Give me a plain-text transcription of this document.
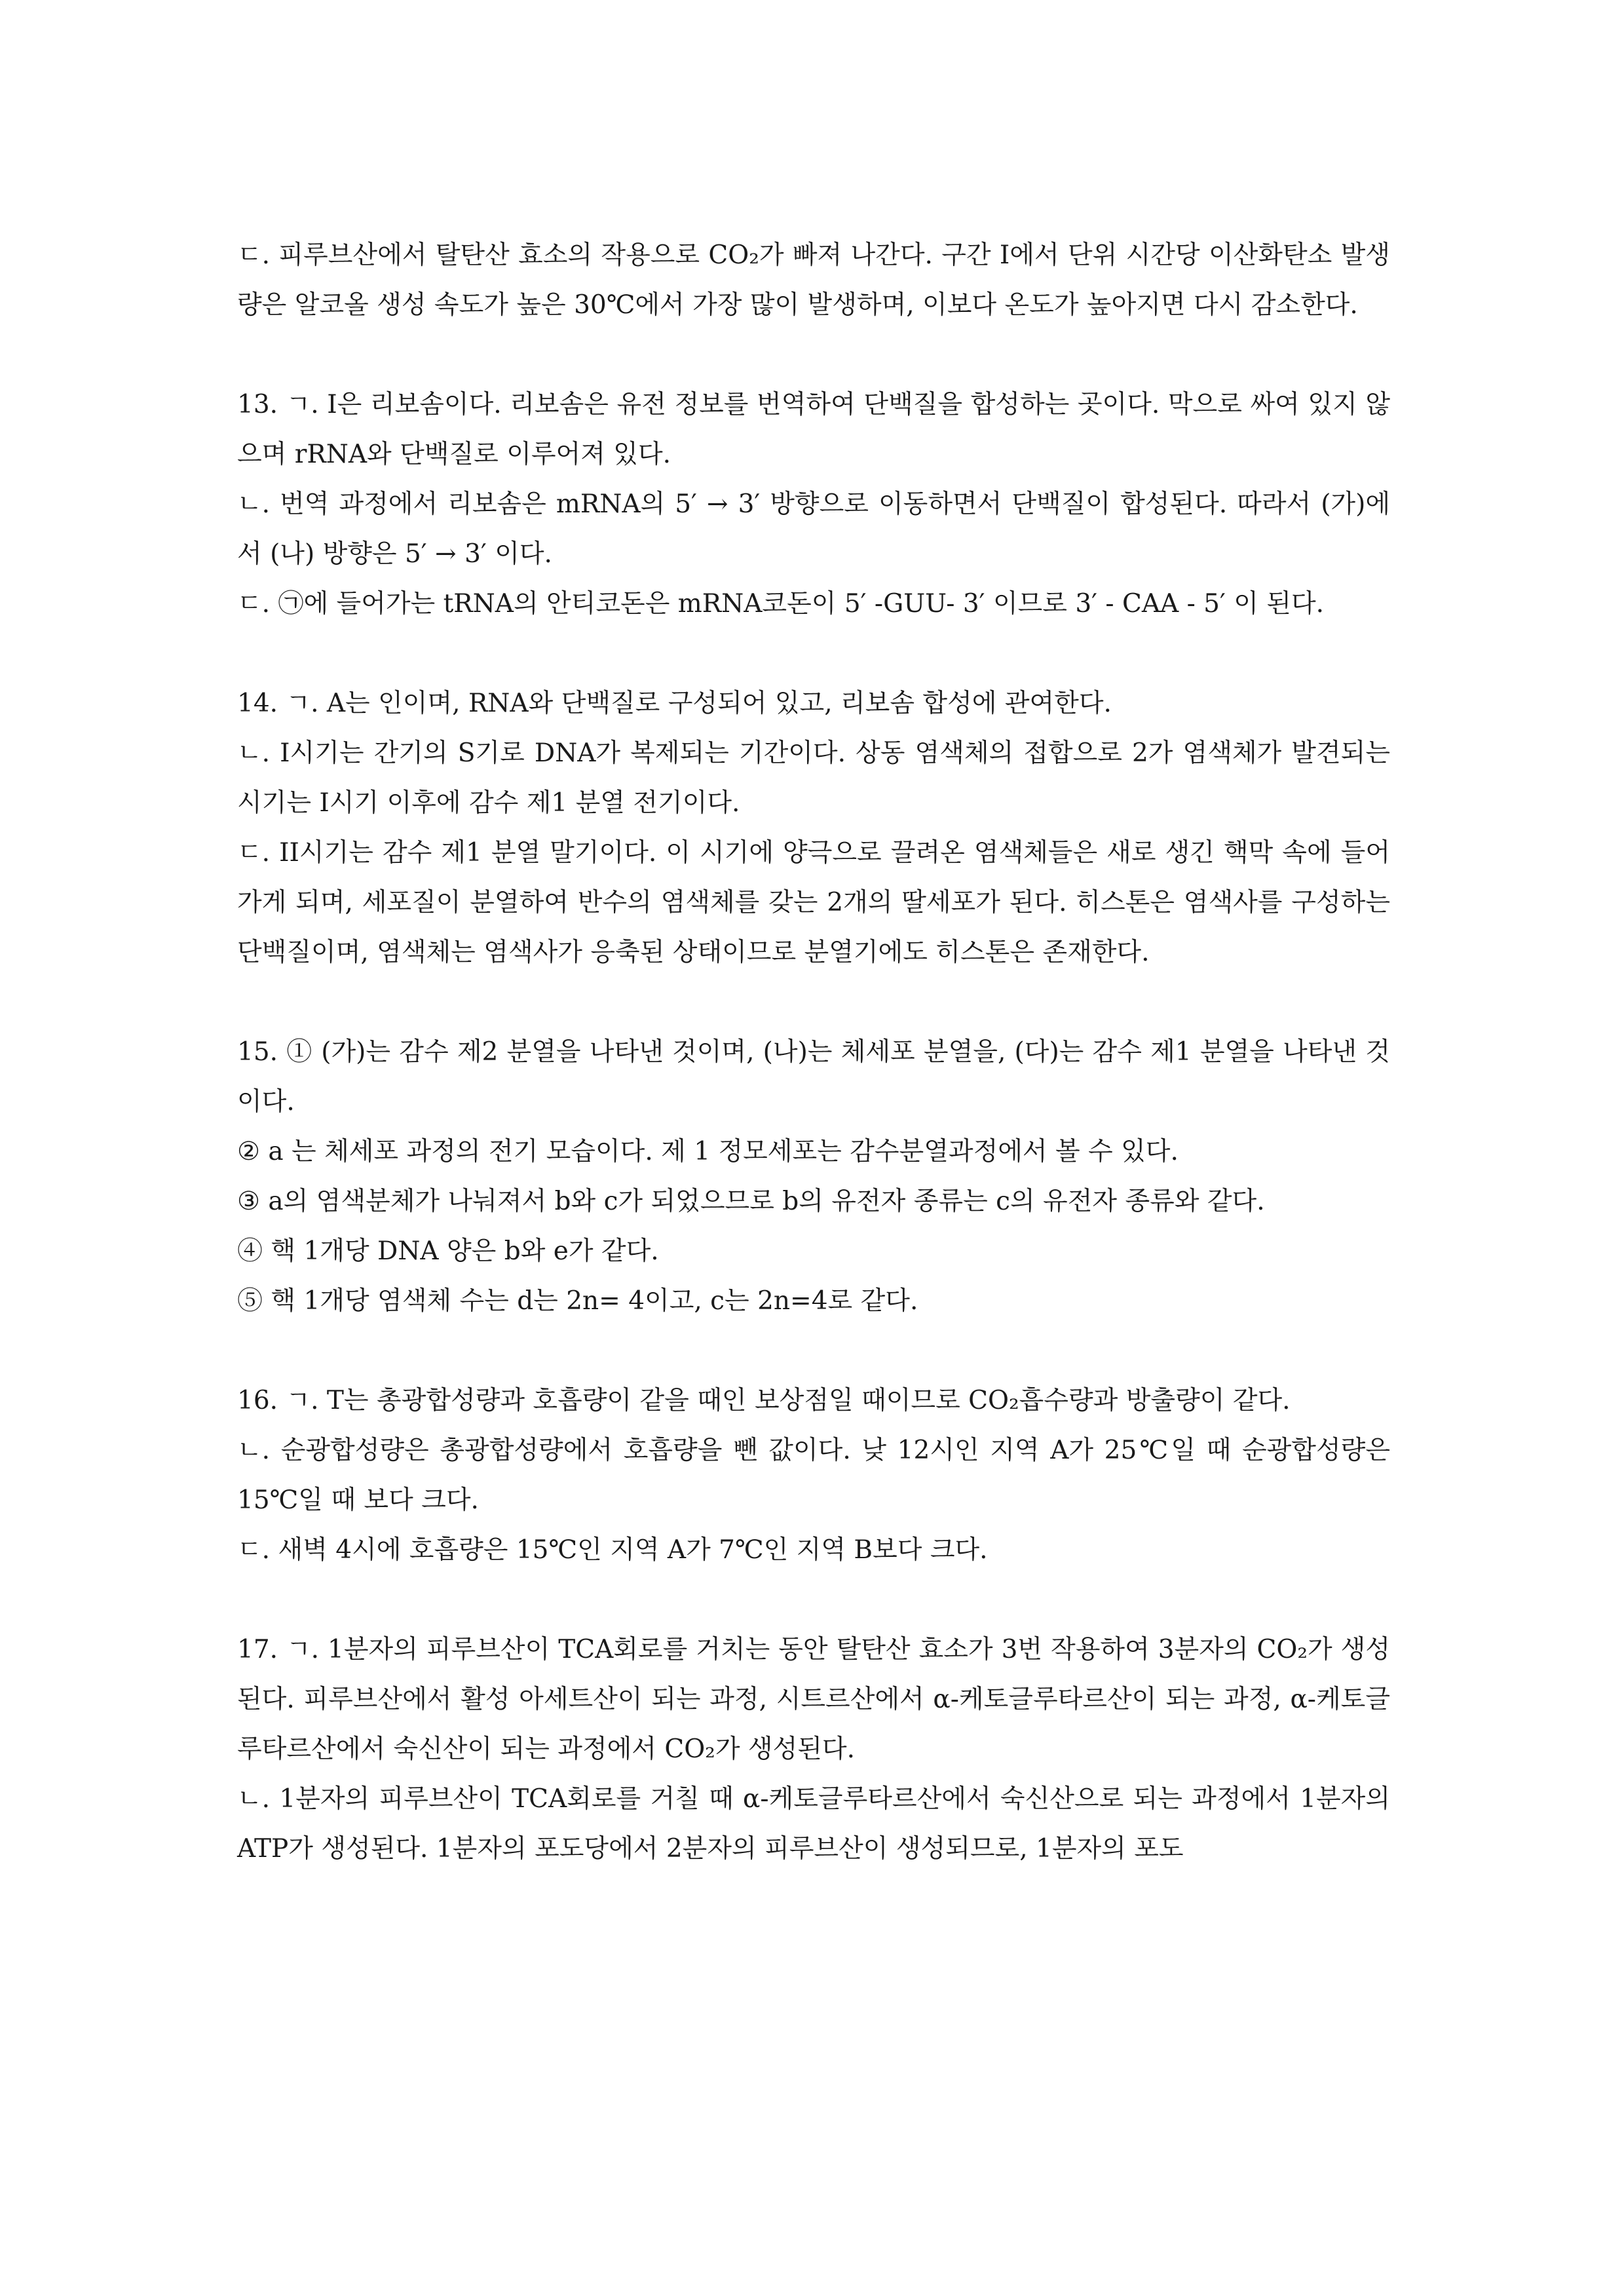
ㄷ. 피루브산에서 탈탄산 효소의 작용으로 CO₂가 빠져 나간다. 구간 I에서 단위 시간당 이산화탄소 발생량은 알코올 생성 속도가 높은 30℃에서 가장 많이 발생하며, 이보다 온도가 높아지면 다시 감소한다.

13. ㄱ. I은 리보솜이다. 리보솜은 유전 정보를 번역하여 단백질을 합성하는 곳이다. 막으로 싸여 있지 않으며 rRNA와 단백질로 이루어져 있다.

ㄴ. 번역 과정에서 리보솜은 mRNA의 5′ → 3′ 방향으로 이동하면서 단백질이 합성된다. 따라서 (가)에서 (나) 방향은 5′ → 3′ 이다.

ㄷ. ㉠에 들어가는 tRNA의 안티코돈은 mRNA코돈이 5′ -GUU- 3′ 이므로 3′ - CAA - 5′ 이 된다.

14. ㄱ. A는 인이며, RNA와 단백질로 구성되어 있고, 리보솜 합성에 관여한다.

ㄴ. I시기는 간기의 S기로 DNA가 복제되는 기간이다. 상동 염색체의 접합으로 2가 염색체가 발견되는 시기는 I시기 이후에 감수 제1 분열 전기이다.

ㄷ. II시기는 감수 제1 분열 말기이다. 이 시기에 양극으로 끌려온 염색체들은 새로 생긴 핵막 속에 들어가게 되며, 세포질이 분열하여 반수의 염색체를 갖는 2개의 딸세포가 된다. 히스톤은 염색사를 구성하는 단백질이며, 염색체는 염색사가 응축된 상태이므로 분열기에도 히스톤은 존재한다.

15. ① (가)는 감수 제2 분열을 나타낸 것이며, (나)는 체세포 분열을, (다)는 감수 제1 분열을 나타낸 것이다.

② a 는 체세포 과정의 전기 모습이다. 제 1 정모세포는 감수분열과정에서 볼 수 있다.

③ a의 염색분체가 나눠져서 b와 c가 되었으므로 b의 유전자 종류는 c의 유전자 종류와 같다.

④ 핵 1개당 DNA 양은 b와 e가 같다.

⑤ 핵 1개당 염색체 수는 d는 2n= 4이고, c는 2n=4로 같다.

16. ㄱ. T는 총광합성량과 호흡량이 같을 때인 보상점일 때이므로 CO₂흡수량과 방출량이 같다.

ㄴ. 순광합성량은 총광합성량에서 호흡량을 뺀 값이다. 낮 12시인 지역 A가 25℃일 때 순광합성량은 15℃일 때 보다 크다.

ㄷ. 새벽 4시에 호흡량은 15℃인 지역 A가 7℃인 지역 B보다 크다.

17. ㄱ. 1분자의 피루브산이 TCA회로를 거치는 동안 탈탄산 효소가 3번 작용하여 3분자의 CO₂가 생성된다. 피루브산에서 활성 아세트산이 되는 과정, 시트르산에서 α-케토글루타르산이 되는 과정, α-케토글루타르산에서 숙신산이 되는 과정에서 CO₂가 생성된다.

ㄴ. 1분자의 피루브산이 TCA회로를 거칠 때 α-케토글루타르산에서 숙신산으로 되는 과정에서 1분자의 ATP가 생성된다. 1분자의 포도당에서 2분자의 피루브산이 생성되므로, 1분자의 포도
